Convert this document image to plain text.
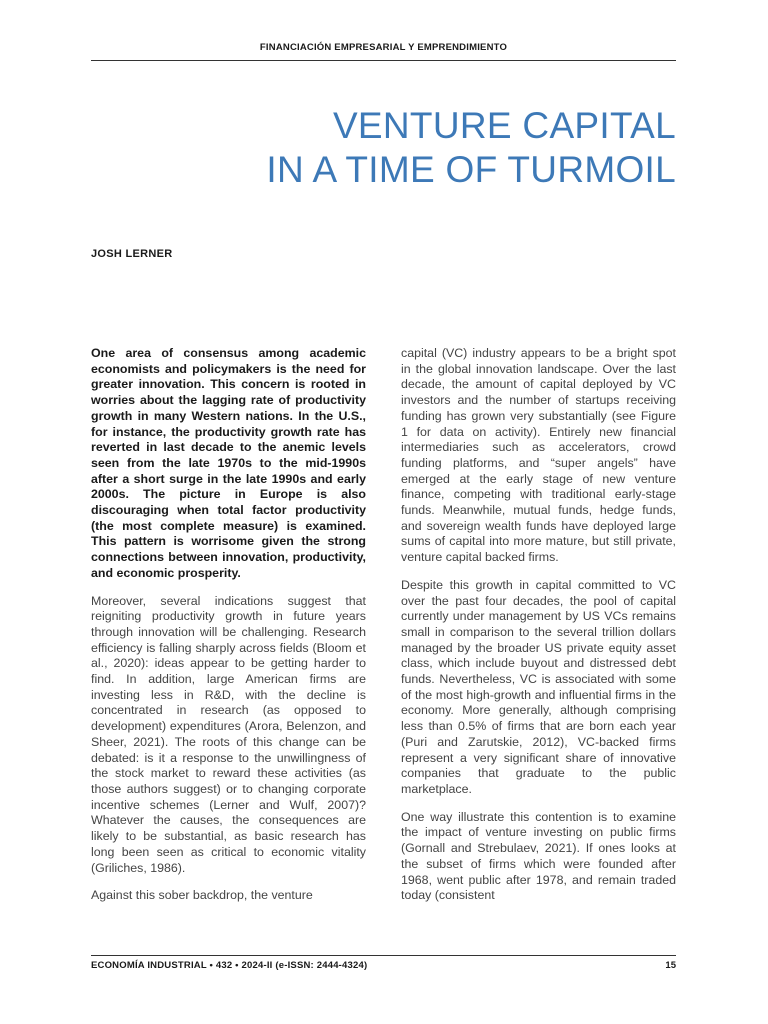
FINANCIACIÓN EMPRESARIAL Y EMPRENDIMIENTO
VENTURE CAPITAL
IN A TIME OF TURMOIL
JOSH LERNER

One area of consensus among academic economists and policymakers is the need for greater innovation. This concern is rooted in worries about the lagging rate of productivity growth in many Western nations. In the U.S., for instance, the productivity growth rate has reverted in last decade to the anemic levels seen from the late 1970s to the mid-1990s after a short surge in the late 1990s and early 2000s. The picture in Europe is also discouraging when total factor productivity (the most complete measure) is examined. This pattern is worrisome given the strong connections between innovation, productivity, and economic prosperity.

Moreover, several indications suggest that reigniting productivity growth in future years through innovation will be challenging. Research efficiency is falling sharply across fields (Bloom et al., 2020): ideas appear to be getting harder to find. In addition, large American firms are investing less in R&D, with the decline is concentrated in research (as opposed to development) expenditures (Arora, Belenzon, and Sheer, 2021). The roots of this change can be debated: is it a response to the unwillingness of the stock market to reward these activities (as those authors suggest) or to changing corporate incentive schemes (Lerner and Wulf, 2007)? Whatever the causes, the consequences are likely to be substantial, as basic research has long been seen as critical to economic vitality (Griliches, 1986).

Against this sober backdrop, the venture

capital (VC) industry appears to be a bright spot in the global innovation landscape. Over the last decade, the amount of capital deployed by VC investors and the number of startups receiving funding has grown very substantially (see Figure 1 for data on activity). Entirely new financial intermediaries such as accelerators, crowd funding platforms, and “super angels” have emerged at the early stage of new venture finance, competing with traditional early-stage funds. Meanwhile, mutual funds, hedge funds, and sovereign wealth funds have deployed large sums of capital into more mature, but still private, venture capital backed firms.

Despite this growth in capital committed to VC over the past four decades, the pool of capital currently under management by US VCs remains small in comparison to the several trillion dollars managed by the broader US private equity asset class, which include buyout and distressed debt funds. Nevertheless, VC is associated with some of the most high-growth and influential firms in the economy. More generally, although comprising less than 0.5% of firms that are born each year (Puri and Zarutskie, 2012), VC-backed firms represent a very significant share of innovative companies that graduate to the public marketplace.

One way illustrate this contention is to examine the impact of venture investing on public firms (Gornall and Strebulaev, 2021). If ones looks at the subset of firms which were founded after 1968, went public after 1978, and remain traded today (consistent

ECONOMÍA INDUSTRIAL • 432 • 2024-II (e-ISSN: 2444-4324)	15
